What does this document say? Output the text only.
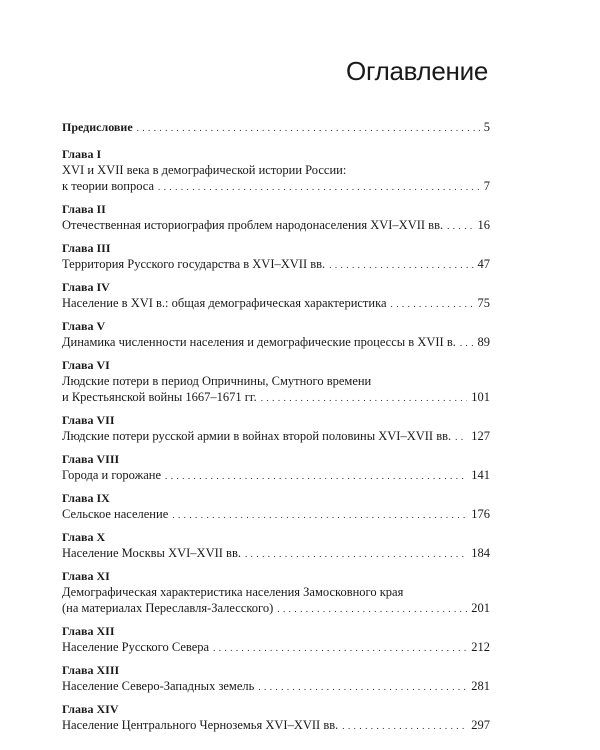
Оглавление
Предисловие . . .	5
Глава I
XVI и XVII века в демографической истории России:
к теории вопроса . . .	7
Глава II
Отечественная историография проблем народонаселения XVI–XVII вв. . . .	16
Глава III
Территория Русского государства в XVI–XVII вв. . . .	47
Глава IV
Население в XVI в.: общая демографическая характеристика . . .	75
Глава V
Динамика численности населения и демографические процессы в XVII в. . . . 89
Глава VI
Людские потери в период Опричнины, Смутного времени
и Крестьянской войны 1667–1671 гг. . . .	101
Глава VII
Людские потери русской армии в войнах второй половины XVI–XVII вв. . . . 127
Глава VIII
Города и горожане . . .	141
Глава IX
Сельское население . . .	176
Глава X
Население Москвы XVI–XVII вв. . . .	184
Глава XI
Демографическая характеристика населения Замосковного края
(на материалах Переславля-Залесского) . . .	201
Глава XII
Население Русского Севера . . .	212
Глава XIII
Население Северо-Западных земель . . .	281
Глава XIV
Население Центрального Черноземья XVI–XVII вв. . . .	297
